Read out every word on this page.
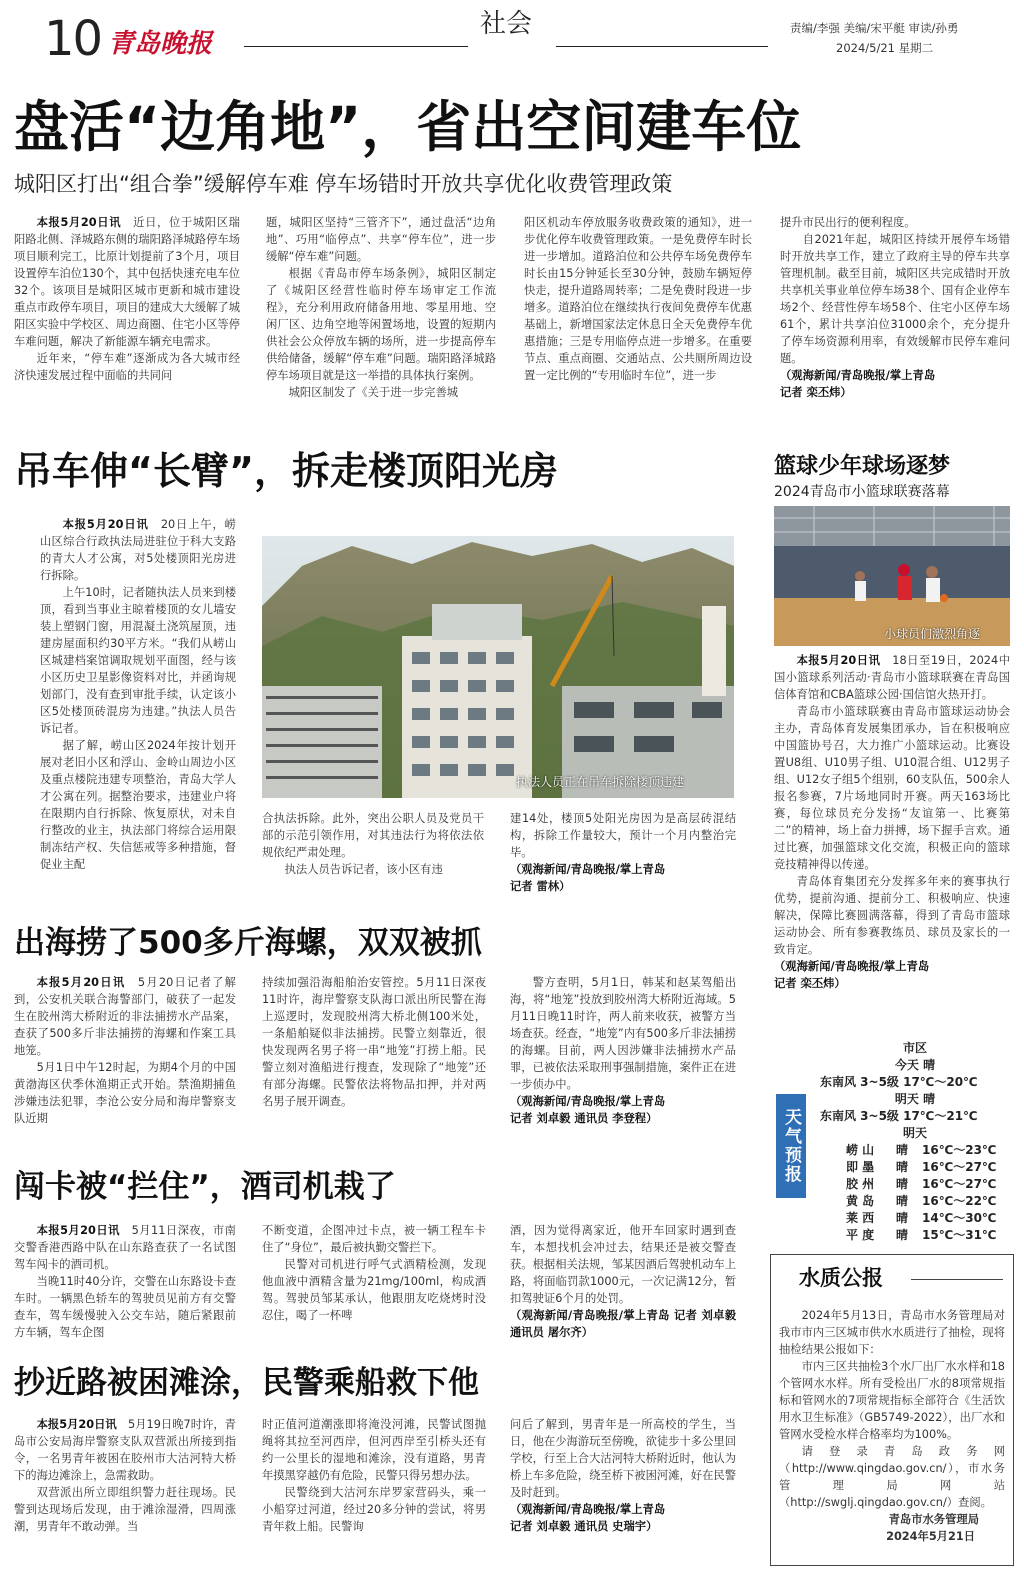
10 青岛晚报
社会	责编/李强 美编/宋平艇 审读/孙勇
2024/5/21 星期二
盘活“边角地”，省出空间建车位
城阳区打出“组合拳”缓解停车难 停车场错时开放共享优化收费管理政策

本报5月20日讯　 近日，位于城阳区瑞阳路北侧、泽城路东侧的瑞阳路泽城路停车场项目顺利完工，比原计划提前了3个月，项目设置停车泊位130个，其中包括快速充电车位32个。该项目是城阳区城市更新和城市建设重点市政停车项目，项目的建成大大缓解了城阳区实验中学校区、周边商圈、住宅小区等停车难问题，解决了新能源车辆充电需求。

近年来，“停车难”逐渐成为各大城市经济快速发展过程中面临的共同问

题，城阳区坚持“三管齐下”，通过盘活“边角地”、巧用“临停点”、共享“停车位”，进一步缓解“停车难”问题。

根据《青岛市停车场条例》，城阳区制定了《城阳区经营性临时停车场审定工作流程》，充分利用政府储备用地、零星用地、空闲厂区、边角空地等闲置场地，设置的短期内供社会公众停放车辆的场所，进一步提高停车供给储备，缓解“停车难”问题。瑞阳路泽城路停车场项目就是这一举措的具体执行案例。

城阳区制发了《关于进一步完善城

阳区机动车停放服务收费政策的通知》，进一步优化停车收费管理政策。一是免费停车时长进一步增加。道路泊位和公共停车场免费停车时长由15分钟延长至30分钟，鼓励车辆短停快走，提升道路周转率；二是免费时段进一步增多。道路泊位在继续执行夜间免费停车优惠基础上，新增国家法定休息日全天免费停车优惠措施；三是专用临停点进一步增多。在重要节点、重点商圈、交通站点、公共厕所周边设置一定比例的“专用临时车位”，进一步

提升市民出行的便利程度。

自2021年起，城阳区持续开展停车场错时开放共享工作，建立了政府主导的停车共享管理机制。截至目前，城阳区共完成错时开放共享机关事业单位停车场38个、国有企业停车场2个、经营性停车场58个、住宅小区停车场61个，累计共享泊位31000余个，充分提升了停车场资源利用率，有效缓解市民停车难问题。

（观海新闻/青岛晚报/掌上青岛

记者 栾丕炜）

吊车伸“长臂”，拆走楼顶阳光房

本报5月20日讯　 20日上午，崂山区综合行政执法局进驻位于科大支路的青大人才公寓，对5处楼顶阳光房进行拆除。

上午10时，记者随执法人员来到楼顶，看到当事业主晾着楼顶的女儿墙安装上塑钢门窗，用混凝土浇筑屋顶，违建房屋面积约30平方米。“我们从崂山区城建档案馆调取规划平面图，经与该小区历史卫星影像资料对比，并函询规划部门，没有查到审批手续，认定该小区5处楼顶砖混房为违建。”执法人员告诉记者。

据了解，崂山区2024年按计划开展对老旧小区和浮山、金岭山周边小区及重点楼院违建专项整治，青岛大学人才公寓在列。据整治要求，违建业户将在限期内自行拆除、恢复原状，对未自行整改的业主，执法部门将综合运用限制冻结产权、失信惩戒等多种措施，督促业主配

执法人员正在吊车拆除楼顶违建

合执法拆除。此外，突出公职人员及党员干部的示范引领作用，对其违法行为将依法依规依纪严肃处理。

执法人员告诉记者，该小区有违

建14处，楼顶5处阳光房因为是高层砖混结构，拆除工作量较大，预计一个月内整治完毕。

（观海新闻/青岛晚报/掌上青岛

记者 雷林）

篮球少年球场逐梦
2024青岛市小篮球联赛落幕
小球员们激烈角逐

本报5月20日讯　 18日至19日，2024中国小篮球系列活动·青岛市小篮球联赛在青岛国信体育馆和CBA篮球公园·国信馆火热开打。

青岛市小篮球联赛由青岛市篮球运动协会主办，青岛体育发展集团承办，旨在积极响应中国篮协号召，大力推广小篮球运动。比赛设置U8组、U10男子组、U10混合组、U12男子组、U12女子组5个组别，60支队伍，500余人报名参赛，7片场地同时开赛。两天163场比赛，每位球员充分发扬“友谊第一、比赛第二”的精神，场上奋力拼搏，场下握手言欢。通过比赛，加强篮球文化交流，积极正向的篮球竞技精神得以传递。

青岛体育集团充分发挥多年来的赛事执行优势，提前沟通、提前分工、积极响应、快速解决，保障比赛圆满落幕，得到了青岛市篮球运动协会、所有参赛教练员、球员及家长的一致肯定。

（观海新闻/青岛晚报/掌上青岛

记者 栾丕炜）

出海捞了500多斤海螺，双双被抓

本报5月20日讯　 5月20日记者了解到，公安机关联合海警部门，破获了一起发生在胶州湾大桥附近的非法捕捞水产品案，查获了500多斤非法捕捞的海螺和作案工具地笼。

5月1日中午12时起，为期4个月的中国黄渤海区伏季休渔期正式开始。禁渔期捕鱼涉嫌违法犯罪，李沧公安分局和海岸警察支队近期

持续加强沿海船舶治安管控。5月11日深夜11时许，海岸警察支队海口派出所民警在海上巡逻时，发现胶州湾大桥北侧100米处，一条船舶疑似非法捕捞。民警立刻靠近，很快发现两名男子将一串“地笼”打捞上船。民警立刻对渔船进行搜查，发现除了“地笼”还有部分海螺。民警依法将物品扣押，并对两名男子展开调查。

警方查明，5月1日，韩某和赵某驾船出海，将“地笼”投放到胶州湾大桥附近海域。5月11日晚11时许，两人前来收获，被警方当场查获。经查，“地笼”内有500多斤非法捕捞的海螺。目前，两人因涉嫌非法捕捞水产品罪，已被依法采取刑事强制措施，案件正在进一步侦办中。

（观海新闻/青岛晚报/掌上青岛

记者 刘卓毅 通讯员 李登程）	天气预报
市区
今天 晴
东南风 3~5级 17℃～20℃
明天 晴
东南风 3~5级 17℃～21℃
明天
崂 山	晴	16℃～23℃
即 墨	晴	16℃～27℃
胶 州	晴	16℃～27℃
黄 岛	晴	16℃～22℃
莱 西	晴	14℃～30℃
平 度	晴	15℃～31℃
闯卡被“拦住”，酒司机栽了

本报5月20日讯　 5月11日深夜，市南交警香港西路中队在山东路查获了一名试图驾车闯卡的酒司机。

当晚11时40分许，交警在山东路设卡查车时。一辆黑色轿车的驾驶员见前方有交警查车，驾车缓慢驶入公交车站，随后紧跟前方车辆，驾车企图

不断变道，企图冲过卡点，被一辆工程车卡住了“身位”，最后被执勤交警拦下。

民警对司机进行呼气式酒精检测，发现他血液中酒精含量为21mg/100ml，构成酒驾。驾驶员邹某承认，他跟朋友吃烧烤时没忍住，喝了一杯啤

酒，因为觉得离家近，他开车回家时遇到查车，本想找机会冲过去，结果还是被交警查获。根据相关法规，邹某因酒后驾驶机动车上路，将面临罚款1000元，一次记满12分，暂扣驾驶证6个月的处罚。

（观海新闻/青岛晚报/掌上青岛 记者 刘卓毅 通讯员 屠尔齐）

水质公报

2024年5月13日，青岛市水务管理局对我市市内三区城市供水水质进行了抽检，现将抽检结果公报如下：

市内三区共抽检3个水厂出厂水水样和18个管网水水样。所有受检出厂水的8项常规指标和管网水的7项常规指标全部符合《生活饮用水卫生标准》（GB5749-2022），出厂水和管网水受检水样合格率均为100%。

请登录青岛政务网（http://www.qingdao.gov.cn/），市水务管理局网站（http://swglj.qingdao.gov.cn/）查阅。

青岛市水务管理局

2024年5月21日

抄近路被困滩涂，民警乘船救下他

本报5月20日讯　 5月19日晚7时许，青岛市公安局海岸警察支队双营派出所接到指令，一名男青年被困在胶州市大沽河特大桥下的海边滩涂上，急需救助。

双营派出所立即组织警力赶往现场。民警到达现场后发现，由于滩涂湿滑，四周涨潮，男青年不敢动弹。当

时正值河道潮涨即将淹没河滩，民警试图抛绳将其拉至河西岸，但河西岸至引桥头还有约一公里长的湿地和滩涂，没有道路，男青年摸黑穿越仍有危险，民警只得另想办法。

民警绕到大沽河东岸罗家营码头，乘一小船穿过河道，经过20多分钟的尝试，将男青年救上船。民警询

问后了解到，男青年是一所高校的学生，当日，他在少海游玩至傍晚，欲徒步十多公里回学校，行至上合大沽河特大桥附近时，他认为桥上车多危险，绕至桥下被困河滩，好在民警及时赶到。

（观海新闻/青岛晚报/掌上青岛

记者 刘卓毅 通讯员 史瑞宇）
